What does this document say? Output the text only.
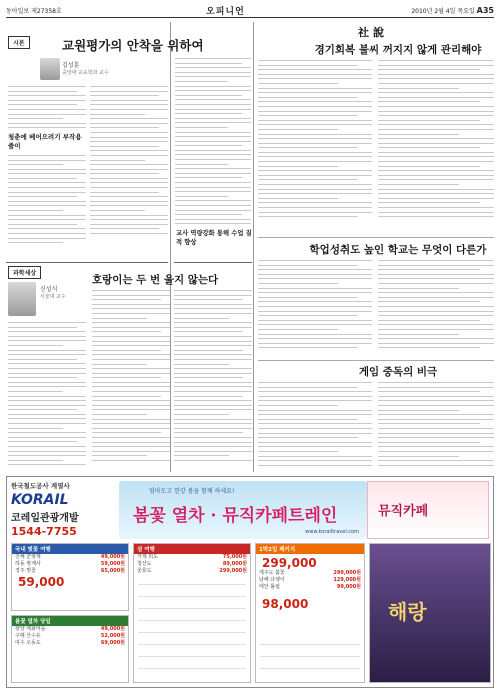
동아일보 제27358호	오피니언	2010년 2월 4일 목요일 A35
시론	교원평가의 안착을 위하여
김성훈
중앙대 교육학과 교수
청춘에 베어으려기 부작용 줄이
과학세상
호랑이는 두 번 울지 않는다
신성식
서울대 교수
교사 역량강화 통해 수업 질적 향상
社說
경기회복 불씨 꺼지지 않게 관리해야
학업성취도 높인 학교는 무엇이 다른가
게임 중독의 비극
한국철도공사 계열사
KORAIL
코레일관광개발
1544-7755
엄마도고 한강 봄을 함께 하세요!
봄꽃 열차 · 뮤직카페트레인
www.korailtravel.com
뮤직카페
국내 벚꽃 여행
진해 군항제	49,000원
하동 쌍계사	59,000원
경주 벚꽃	65,000원
59,000
봄꽃 열차 당일
광양 매화마을	49,000원
구례 산수유	52,000원
여수 오동도	69,000원
섬 여행
거제 외도	75,000원
청산도	89,000원
울릉도	299,000원
1박2일 패키지
299,000
제주도 봄꽃	299,000원
남해 다랭이	129,000원
태안 튤립	99,000원
98,000	해랑
